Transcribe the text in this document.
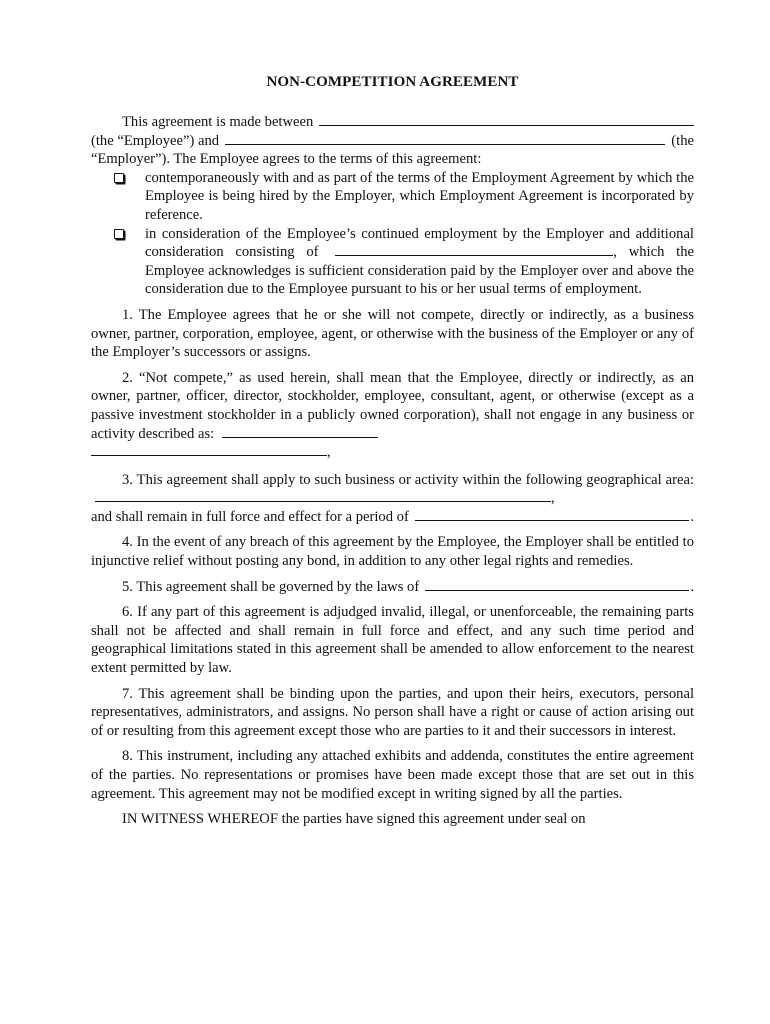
NON-COMPETITION AGREEMENT
This agreement is made between
(the “Employee”) and	(the
“Employer”). The Employee agrees to the terms of this agreement:
contemporaneously with and as part of the terms of the Employment Agreement by which the Employee is being hired by the Employer, which Employment Agreement is incorporated by reference.
in consideration of the Employee’s continued employment by the Employer and additional consideration consisting of	, which the Employee acknowledges is sufficient consideration paid by the Employer over and above the consideration due to the Employee pursuant to his or her usual terms of employment.

1. The Employee agrees that he or she will not compete, directly or indirectly, as a business owner, partner, corporation, employee, agent, or otherwise with the business of the Employer or any of the Employer’s successors or assigns.

2. “Not compete,” as used herein, shall mean that the Employee, directly or indirectly, as an owner, partner, officer, director, stockholder, employee, consultant, agent, or otherwise (except as a passive investment stockholder in a publicly owned corporation), shall not engage in any business or activity described as:

,

3. This agreement shall apply to such business or activity within the following geographical area: ,

and shall remain in full force and effect for a period of	.

4. In the event of any breach of this agreement by the Employee, the Employer shall be entitled to injunctive relief without posting any bond, in addition to any other legal rights and remedies.

5. This agreement shall be governed by the laws of	.

6. If any part of this agreement is adjudged invalid, illegal, or unenforceable, the remaining parts shall not be affected and shall remain in full force and effect, and any such time period and geographical limitations stated in this agreement shall be amended to allow enforcement to the nearest extent permitted by law.

7. This agreement shall be binding upon the parties, and upon their heirs, executors, personal representatives, administrators, and assigns. No person shall have a right or cause of action arising out of or resulting from this agreement except those who are parties to it and their successors in interest.

8. This instrument, including any attached exhibits and addenda, constitutes the entire agreement of the parties. No representations or promises have been made except those that are set out in this agreement. This agreement may not be modified except in writing signed by all the parties.

IN WITNESS WHEREOF the parties have signed this agreement under seal on
